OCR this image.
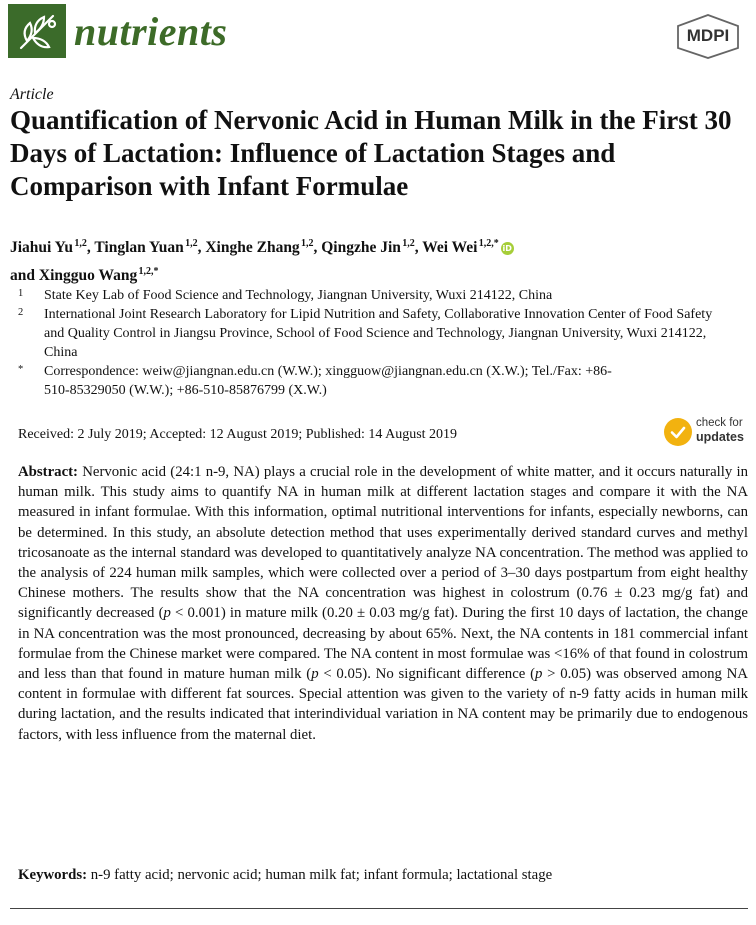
nutrients	MDPI
Article
Quantification of Nervonic Acid in Human Milk in the First 30 Days of Lactation: Influence of Lactation Stages and Comparison with Infant Formulae
Jiahui Yu $^{1,2}$, Tinglan Yuan $^{1,2}$, Xinghe Zhang $^{1,2}$, Qingzhe Jin $^{1,2}$, Wei Wei $^{1,2,*}$ iD
and Xingguo Wang $^{1,2,*}$
1	State Key Lab of Food Science and Technology, Jiangnan University, Wuxi 214122, China
2	International Joint Research Laboratory for Lipid Nutrition and Safety, Collaborative Innovation Center of Food Safety and Quality Control in Jiangsu Province, School of Food Science and Technology, Jiangnan University, Wuxi 214122, China
*	Correspondence: weiw@jiangnan.edu.cn (W.W.); xingguow@jiangnan.edu.cn (X.W.); Tel./Fax: +86-510-85329050 (W.W.); +86-510-85876799 (X.W.)
Received: 2 July 2019; Accepted: 12 August 2019; Published: 14 August 2019
check for
updates

Abstract: Nervonic acid (24:1 n-9, NA) plays a crucial role in the development of white matter, and it occurs naturally in human milk. This study aims to quantify NA in human milk at different lactation stages and compare it with the NA measured in infant formulae. With this information, optimal nutritional interventions for infants, especially newborns, can be determined. In this study, an absolute detection method that uses experimentally derived standard curves and methyl tricosanoate as the internal standard was developed to quantitatively analyze NA concentration. The method was applied to the analysis of 224 human milk samples, which were collected over a period of 3–30 days postpartum from eight healthy Chinese mothers. The results show that the NA concentration was highest in colostrum (0.76 ± 0.23 mg/g fat) and significantly decreased (p < 0.001) in mature milk (0.20 ± 0.03 mg/g fat). During the first 10 days of lactation, the change in NA concentration was the most pronounced, decreasing by about 65%. Next, the NA contents in 181 commercial infant formulae from the Chinese market were compared. The NA content in most formulae was <16% of that found in colostrum and less than that found in mature human milk (p < 0.05). No significant difference (p > 0.05) was observed among NA content in formulae with different fat sources. Special attention was given to the variety of n-9 fatty acids in human milk during lactation, and the results indicated that interindividual variation in NA content may be primarily due to endogenous factors, with less influence from the maternal diet.

Keywords: n-9 fatty acid; nervonic acid; human milk fat; infant formula; lactational stage
